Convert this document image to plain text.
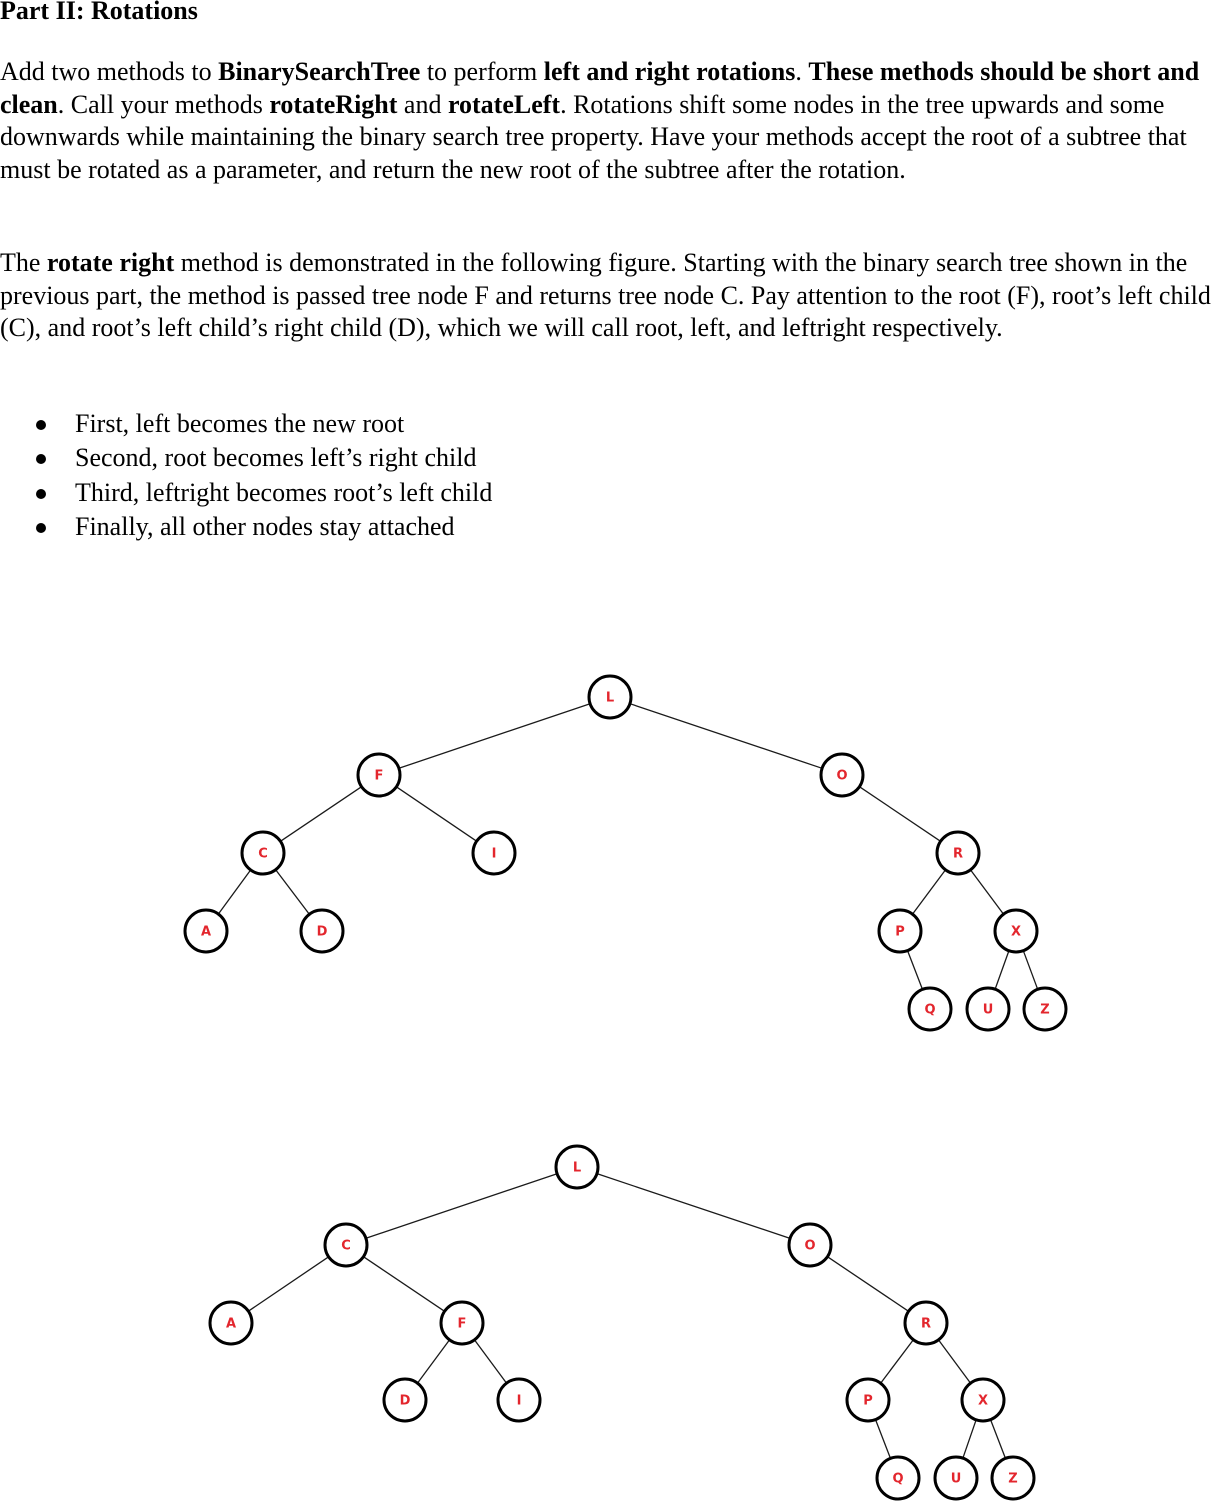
Part II: Rotations

Add two methods to BinarySearchTree to perform left and right rotations. These methods should be short and clean. Call your methods rotateRight and rotateLeft. Rotations shift some nodes in the tree upwards and some downwards while maintaining the binary search tree property. Have your methods accept the root of a subtree that must be rotated as a parameter, and return the new root of the subtree after the rotation.

The rotate right method is demonstrated in the following figure. Starting with the binary search tree shown in the previous part, the method is passed tree node F and returns tree node C. Pay attention to the root (F), root’s left child (C), and root’s left child’s right child (D), which we will call root, left, and leftright respectively.

First, left becomes the new root
Second, root becomes left’s right child
Third, leftright becomes root’s left child
Finally, all other nodes stay attached
L
F	O
C	I	R
A	D	P	X
Q	U	Z
L
C	O
A	F	R
D	I	P	X
Q	U	Z
